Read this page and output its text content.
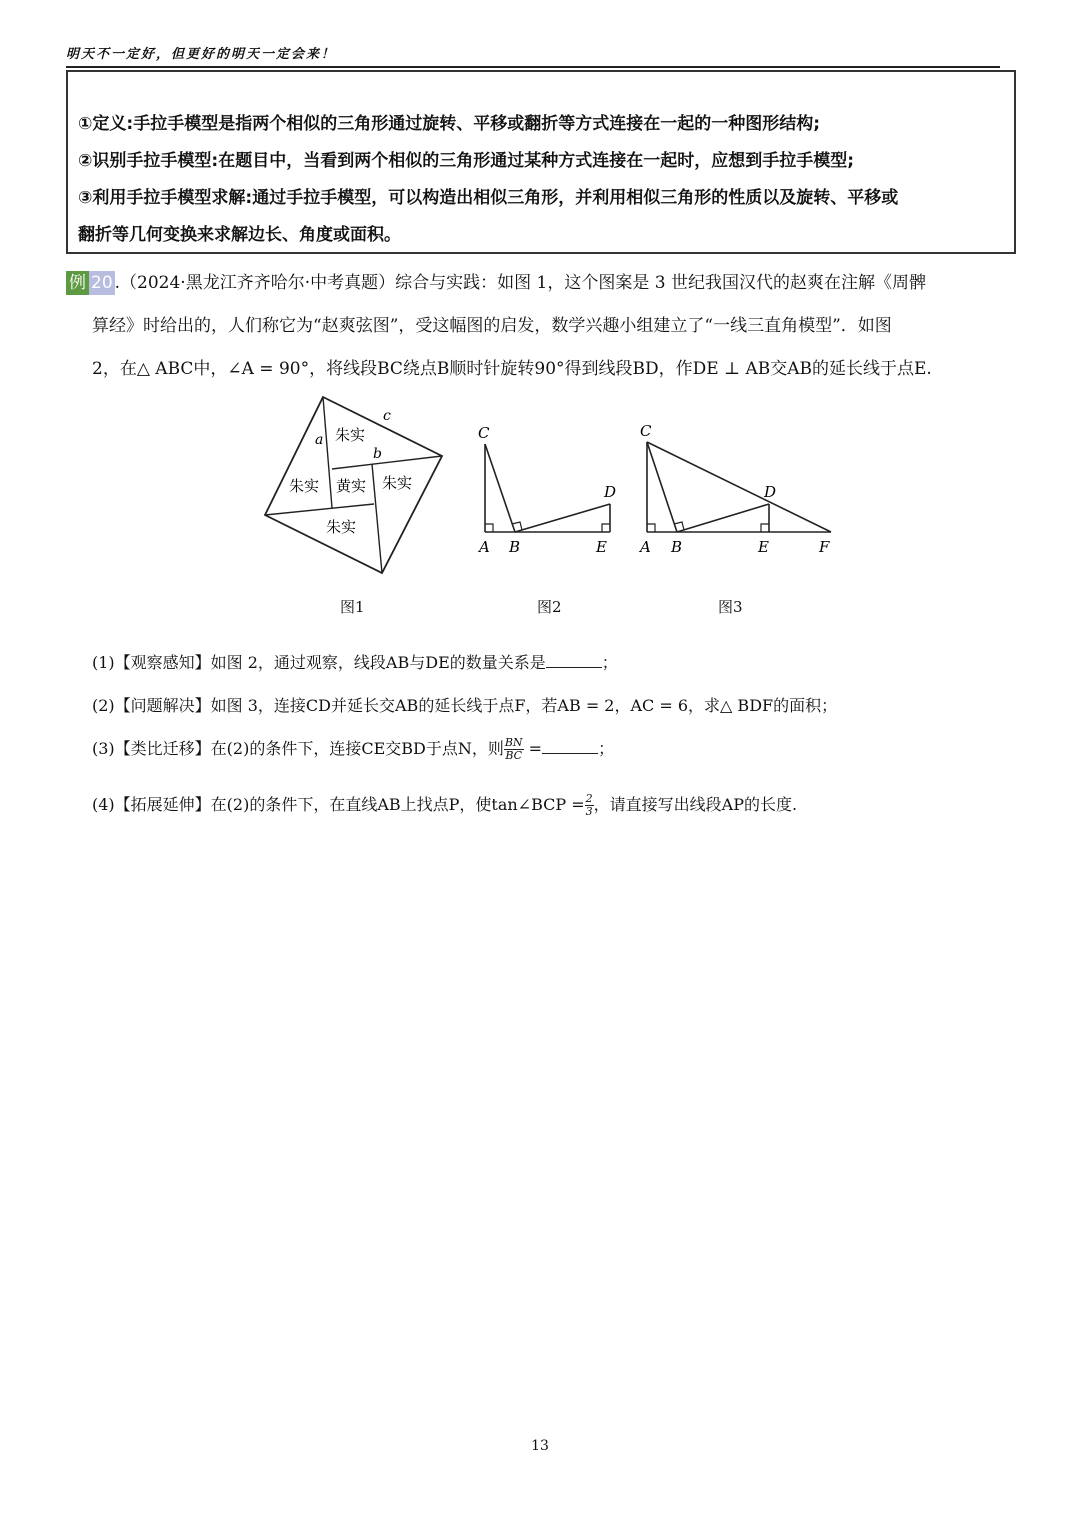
明天不一定好，但更好的明天一定会来！

①定义:手拉手模型是指两个相似的三角形通过旋转、平移或翻折等方式连接在一起的一种图形结构;

②识别手拉手模型:在题目中，当看到两个相似的三角形通过某种方式连接在一起时，应想到手拉手模型;

③利用手拉手模型求解:通过手拉手模型，可以构造出相似三角形，并利用相似三角形的性质以及旋转、平移或

翻折等几何变换来求解边长、角度或面积。

例 20 .（2024·黑龙江齐齐哈尔·中考真题）综合与实践：如图 1，这个图案是 3 世纪我国汉代的赵爽在注解《周髀
算经》时给出的，人们称它为“赵爽弦图”，受这幅图的启发，数学兴趣小组建立了“一线三直角模型”．如图
2，在△ ABC中，∠A = 90°，将线段BC绕点B顺时针旋转90°得到线段BD，作DE ⊥ AB交AB的延长线于点E.
a
c
b
朱实
朱实
朱实
朱实
黄实
C
D
A B	E
C
D
A B	E	F
图1	图2	图3
(1)【观察感知】如图 2，通过观察，线段AB与DE的数量关系是	；
(2)【问题解决】如图 3，连接CD并延长交AB的延长线于点F，若AB = 2，AC = 6，求△ BDF的面积；
(3)【类比迁移】在(2)的条件下，连接CE交BD于点N，则 $\frac{BN}{BC}$ =	；
(4)【拓展延伸】在(2)的条件下，在直线AB上找点P，使tan∠BCP = $\frac{2}{3}$ ，请直接写出线段AP的长度.
13
